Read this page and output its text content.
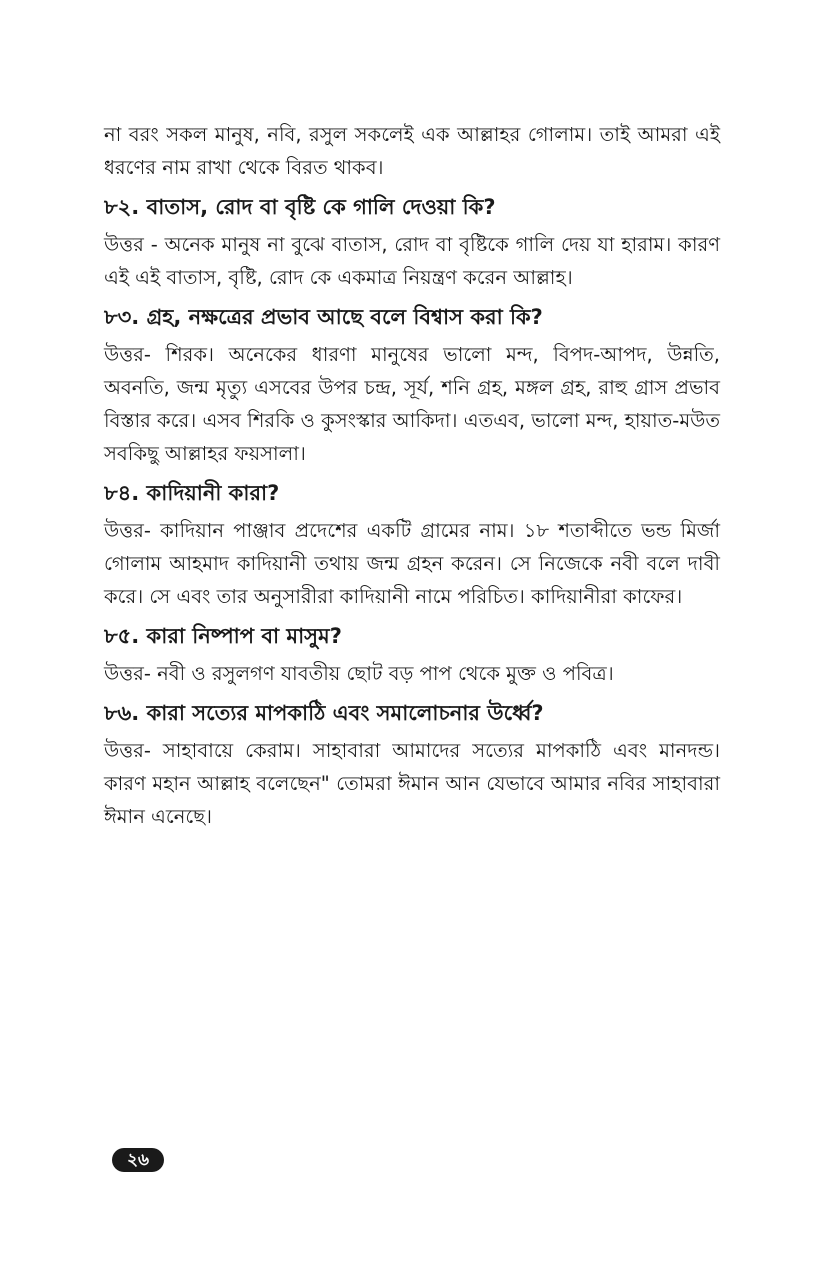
না বরং সকল মানুষ, নবি, রসুল সকলেই এক আল্লাহর গোলাম। তাই আমরা এই ধরণের নাম রাখা থেকে বিরত থাকব।

৮২. বাতাস, রোদ বা বৃষ্টি কে গালি দেওয়া কি?

উত্তর - অনেক মানুষ না বুঝে বাতাস, রোদ বা বৃষ্টিকে গালি দেয় যা হারাম। কারণ এই এই বাতাস, বৃষ্টি, রোদ কে একমাত্র নিয়ন্ত্রণ করেন আল্লাহ।

৮৩. গ্রহ, নক্ষত্রের প্রভাব আছে বলে বিশ্বাস করা কি?

উত্তর- শিরক। অনেকের ধারণা মানুষের ভালো মন্দ, বিপদ-আপদ, উন্নতি, অবনতি, জন্ম মৃত্যু এসবের উপর চন্দ্র, সূর্য, শনি গ্রহ, মঙ্গল গ্রহ, রাহু গ্রাস প্রভাব বিস্তার করে। এসব শিরকি ও কুসংস্কার আকিদা। এতএব, ভালো মন্দ, হায়াত-মউত সবকিছু আল্লাহর ফয়সালা।

৮৪. কাদিয়ানী কারা?

উত্তর- কাদিয়ান পাঞ্জাব প্রদেশের একটি গ্রামের নাম। ১৮ শতাব্দীতে ভন্ড মির্জা গোলাম আহমাদ কাদিয়ানী তথায় জন্ম গ্রহন করেন। সে নিজেকে নবী বলে দাবী করে। সে এবং তার অনুসারীরা কাদিয়ানী নামে পরিচিত। কাদিয়ানীরা কাফের।

৮৫. কারা নিষ্পাপ বা মাসুম?

উত্তর- নবী ও রসুলগণ যাবতীয় ছোট বড় পাপ থেকে মুক্ত ও পবিত্র।

৮৬. কারা সত্যের মাপকাঠি এবং সমালোচনার উর্ধ্বে?

উত্তর- সাহাবায়ে কেরাম। সাহাবারা আমাদের সত্যের মাপকাঠি এবং মানদন্ড। কারণ মহান আল্লাহ বলেছেন" তোমরা ঈমান আন যেভাবে আমার নবির সাহাবারা ঈমান এনেছে।

২৬
